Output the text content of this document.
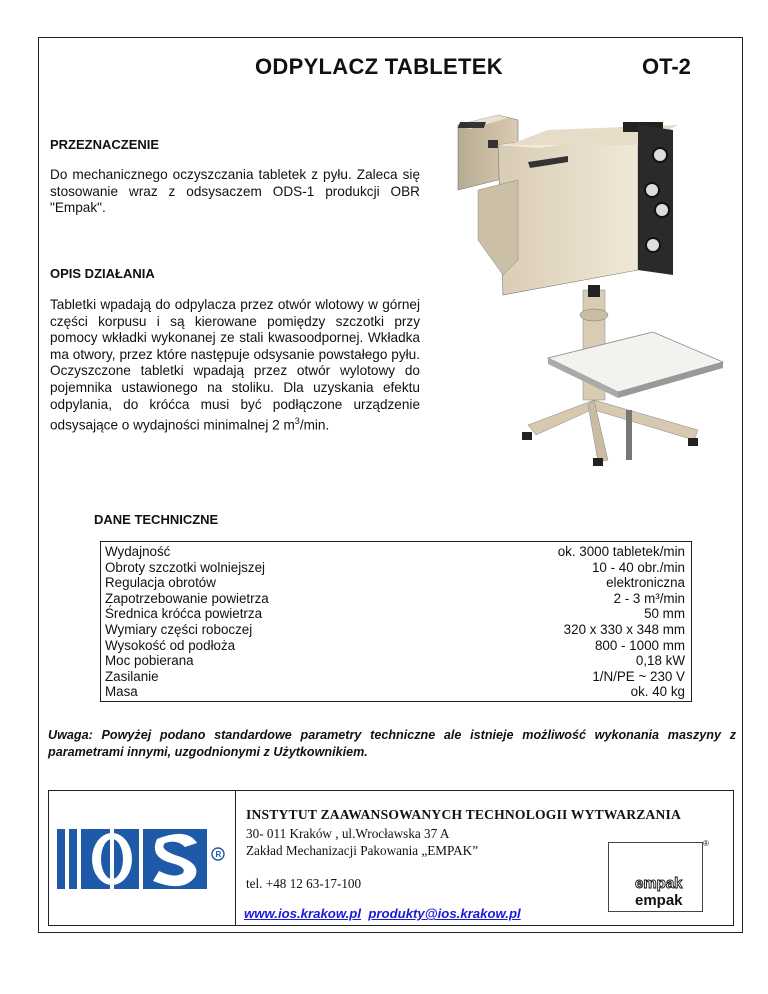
ODPYLACZ TABLETEK	OT-2
PRZEZNACZENIE
Do mechanicznego oczyszczania tabletek z pyłu. Zaleca się stosowanie wraz z odsysaczem ODS-1 produkcji OBR "Empak".
OPIS DZIAŁANIA
Tabletki wpadają do odpylacza przez otwór wlotowy w górnej części korpusu i są kierowane pomiędzy szczotki przy pomocy wkładki wykonanej ze stali kwasoodpornej. Wkładka ma otwory, przez które następuje odsysanie powstałego pyłu. Oczyszczone tabletki wpadają przez otwór wylotowy do pojemnika ustawionego na stoliku. Dla uzyskania efektu odpylania, do króćca musi być podłączone urządzenie odsysające o wydajności minimalnej 2 $m^3/\min$.
DANE TECHNICZNE
Wydajność	ok. 3000 tabletek/min
Obroty szczotki wolniejszej	10 - 40 obr./min
Regulacja obrotów	elektroniczna
Zapotrzebowanie powietrza	2 - 3 m³/min
Średnica króćca powietrza	50 mm
Wymiary części roboczej	320 x 330 x 348 mm
Wysokość od podłoża	800 - 1000 mm
Moc pobierana	0,18 kW
Zasilanie	1/N/PE ~ 230 V
Masa	ok. 40 kg
Uwaga: Powyżej podano standardowe parametry techniczne ale istnieje możliwość wykonania maszyny z parametrami innymi, uzgodnionymi z Użytkownikiem.
R
INSTYTUT ZAAWANSOWANYCH TECHNOLOGII WYTWARZANIA
30- 011 Kraków , ul.Wrocławska 37 A
Zakład Mechanizacji Pakowania „EMPAK”
tel. +48 12 63-17-100
www.ios.krakow.pl produkty@ios.krakow.pl
empak
empak
®
